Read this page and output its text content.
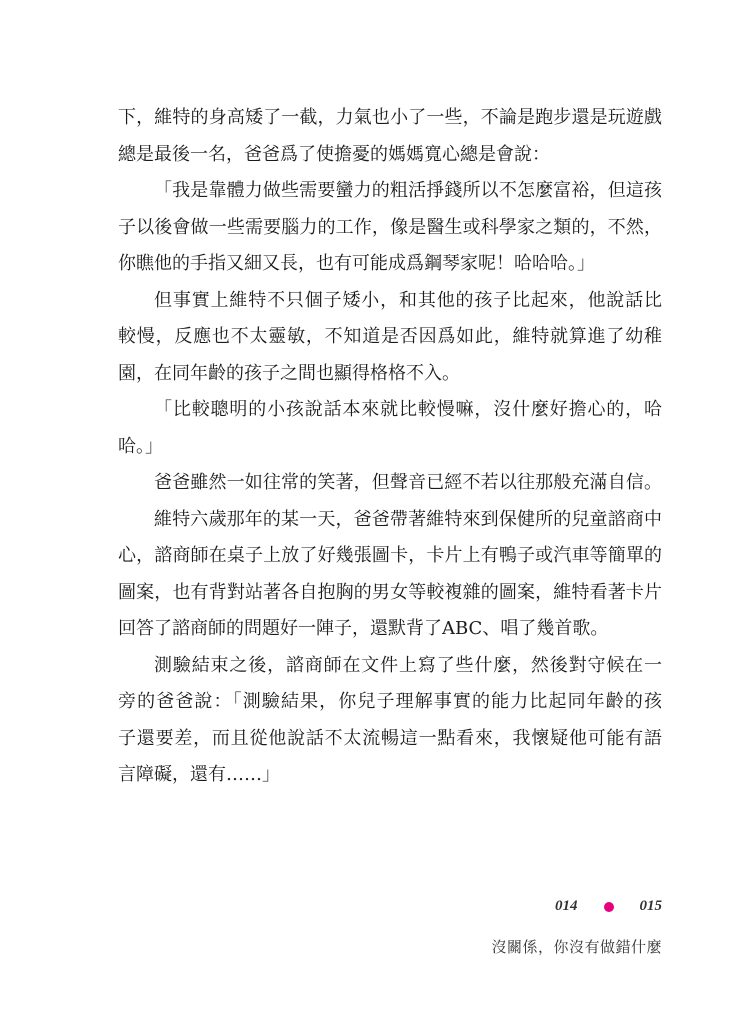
下，維特的身高矮了一截，力氣也小了一些，不論是跑步還是玩遊戲
總是最後一名，爸爸爲了使擔憂的媽媽寬心總是會說：
「我是靠體力做些需要蠻力的粗活掙錢所以不怎麼富裕，但這孩
子以後會做一些需要腦力的工作，像是醫生或科學家之類的，不然，
你瞧他的手指又細又長，也有可能成爲鋼琴家呢！哈哈哈。」
但事實上維特不只個子矮小，和其他的孩子比起來，他說話比
較慢，反應也不太靈敏，不知道是否因爲如此，維特就算進了幼稚
園，在同年齡的孩子之間也顯得格格不入。
「比較聰明的小孩說話本來就比較慢嘛，沒什麼好擔心的，哈
哈。」
爸爸雖然一如往常的笑著，但聲音已經不若以往那般充滿自信。
維特六歲那年的某一天，爸爸帶著維特來到保健所的兒童諮商中
心，諮商師在桌子上放了好幾張圖卡，卡片上有鴨子或汽車等簡單的
圖案，也有背對站著各自抱胸的男女等較複雜的圖案，維特看著卡片
回答了諮商師的問題好一陣子，還默背了ABC、唱了幾首歌。
測驗結束之後，諮商師在文件上寫了些什麼，然後對守候在一
旁的爸爸說：「測驗結果，你兒子理解事實的能力比起同年齡的孩
子還要差，而且從他說話不太流暢這一點看來，我懷疑他可能有語
言障礙，還有……」
014	015
沒關係，你沒有做錯什麼
